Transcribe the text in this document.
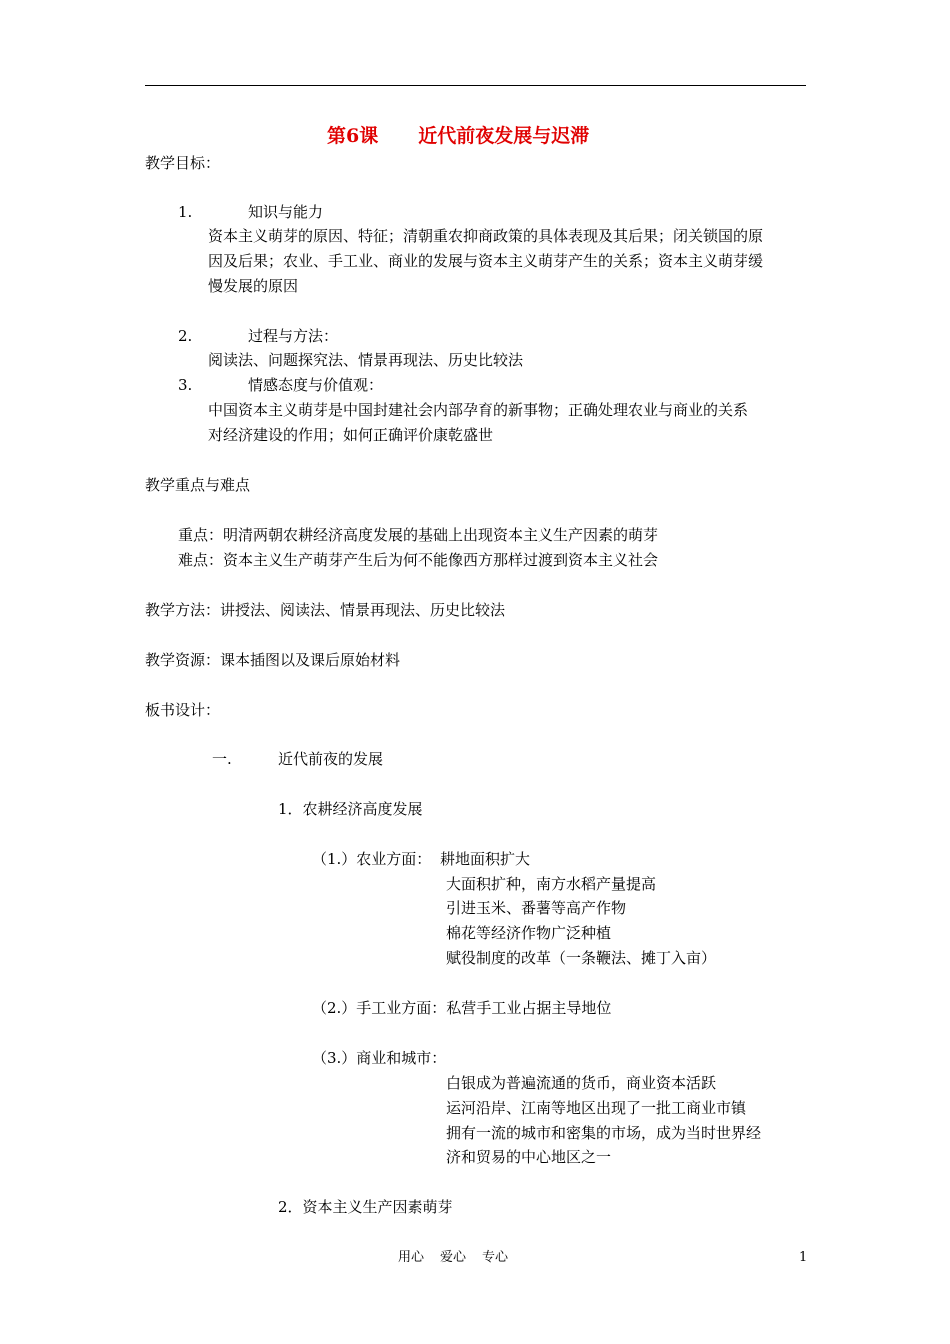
第6课 近代前夜发展与迟滞
教学目标：
1.	知识与能力
资本主义萌芽的原因、特征；清朝重农抑商政策的具体表现及其后果；闭关锁国的原
因及后果；农业、手工业、商业的发展与资本主义萌芽产生的关系；资本主义萌芽缓
慢发展的原因
2.	过程与方法：
阅读法、问题探究法、情景再现法、历史比较法
3.	情感态度与价值观：
中国资本主义萌芽是中国封建社会内部孕育的新事物；正确处理农业与商业的关系
对经济建设的作用；如何正确评价康乾盛世
教学重点与难点
重点：明清两朝农耕经济高度发展的基础上出现资本主义生产因素的萌芽
难点：资本主义生产萌芽产生后为何不能像西方那样过渡到资本主义社会
教学方法：讲授法、阅读法、情景再现法、历史比较法
教学资源：课本插图以及课后原始材料
板书设计：
一.	近代前夜的发展
1．农耕经济高度发展
（1.）农业方面： 耕地面积扩大
大面积扩种，南方水稻产量提高
引进玉米、番薯等高产作物
棉花等经济作物广泛种植
赋役制度的改革（一条鞭法、摊丁入亩）
（2.）手工业方面：私营手工业占据主导地位
（3.）商业和城市：
白银成为普遍流通的货币，商业资本活跃
运河沿岸、江南等地区出现了一批工商业市镇
拥有一流的城市和密集的市场，成为当时世界经
济和贸易的中心地区之一
2．资本主义生产因素萌芽
用心 爱心 专心	1
